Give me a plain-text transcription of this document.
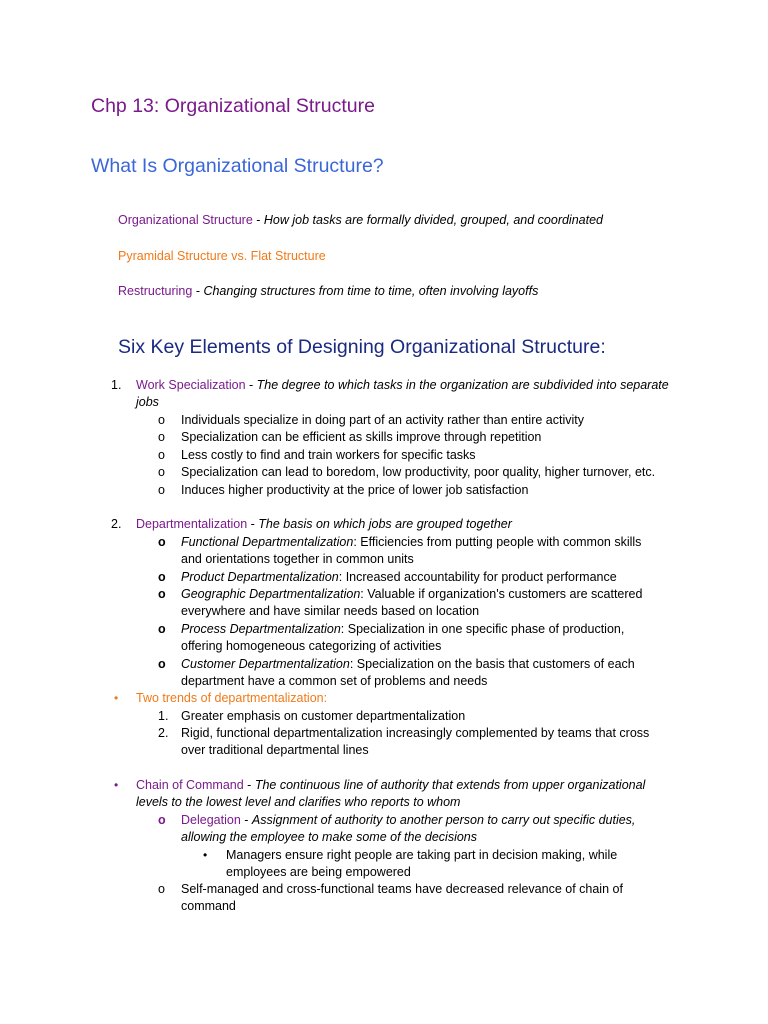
Chp 13: Organizational Structure
What Is Organizational Structure?
Organizational Structure - How job tasks are formally divided, grouped, and coordinated
Pyramidal Structure vs. Flat Structure
Restructuring - Changing structures from time to time, often involving layoffs
Six Key Elements of Designing Organizational Structure:
1. Work Specialization - The degree to which tasks in the organization are subdivided into separate
jobs
o Individuals specialize in doing part of an activity rather than entire activity
o Specialization can be efficient as skills improve through repetition
o Less costly to find and train workers for specific tasks
o Specialization can lead to boredom, low productivity, poor quality, higher turnover, etc.
o Induces higher productivity at the price of lower job satisfaction
2. Departmentalization - The basis on which jobs are grouped together
o Functional Departmentalization: Efficiencies from putting people with common skills
and orientations together in common units
o Product Departmentalization: Increased accountability for product performance
o Geographic Departmentalization: Valuable if organization's customers are scattered
everywhere and have similar needs based on location
o Process Departmentalization: Specialization in one specific phase of production,
offering homogeneous categorizing of activities
o Customer Departmentalization: Specialization on the basis that customers of each
department have a common set of problems and needs
• Two trends of departmentalization:
1. Greater emphasis on customer departmentalization
2. Rigid, functional departmentalization increasingly complemented by teams that cross
over traditional departmental lines
• Chain of Command - The continuous line of authority that extends from upper organizational
levels to the lowest level and clarifies who reports to whom
o Delegation - Assignment of authority to another person to carry out specific duties,
allowing the employee to make some of the decisions
• Managers ensure right people are taking part in decision making, while
employees are being empowered
o Self-managed and cross-functional teams have decreased relevance of chain of
command
